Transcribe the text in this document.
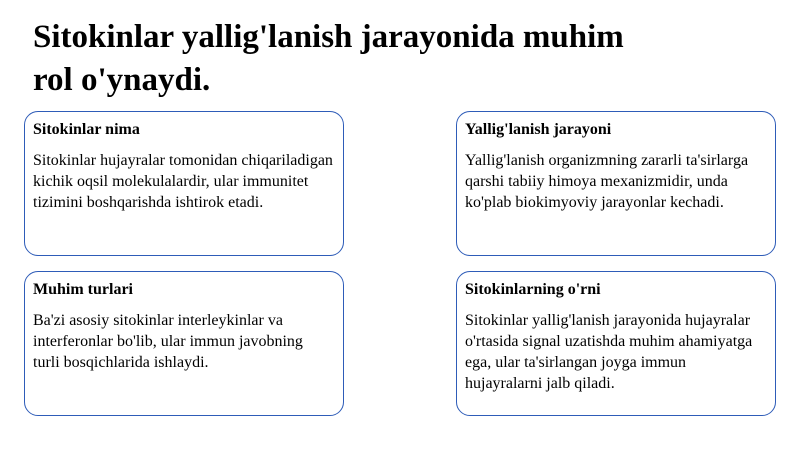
Sitokinlar yallig'lanish jarayonida muhim rol o'ynaydi.
Sitokinlar nima

Sitokinlar hujayralar tomonidan chiqariladigan kichik oqsil molekulalardir, ular immunitet tizimini boshqarishda ishtirok etadi.

Yallig'lanish jarayoni

Yallig'lanish organizmning zararli ta'sirlarga qarshi tabiiy himoya mexanizmidir, unda ko'plab biokimyoviy jarayonlar kechadi.

Muhim turlari

Ba'zi asosiy sitokinlar interleykinlar va interferonlar bo'lib, ular immun javobning turli bosqichlarida ishlaydi.

Sitokinlarning o'rni

Sitokinlar yallig'lanish jarayonida hujayralar o'rtasida signal uzatishda muhim ahamiyatga ega, ular ta'sirlangan joyga immun hujayralarni jalb qiladi.
